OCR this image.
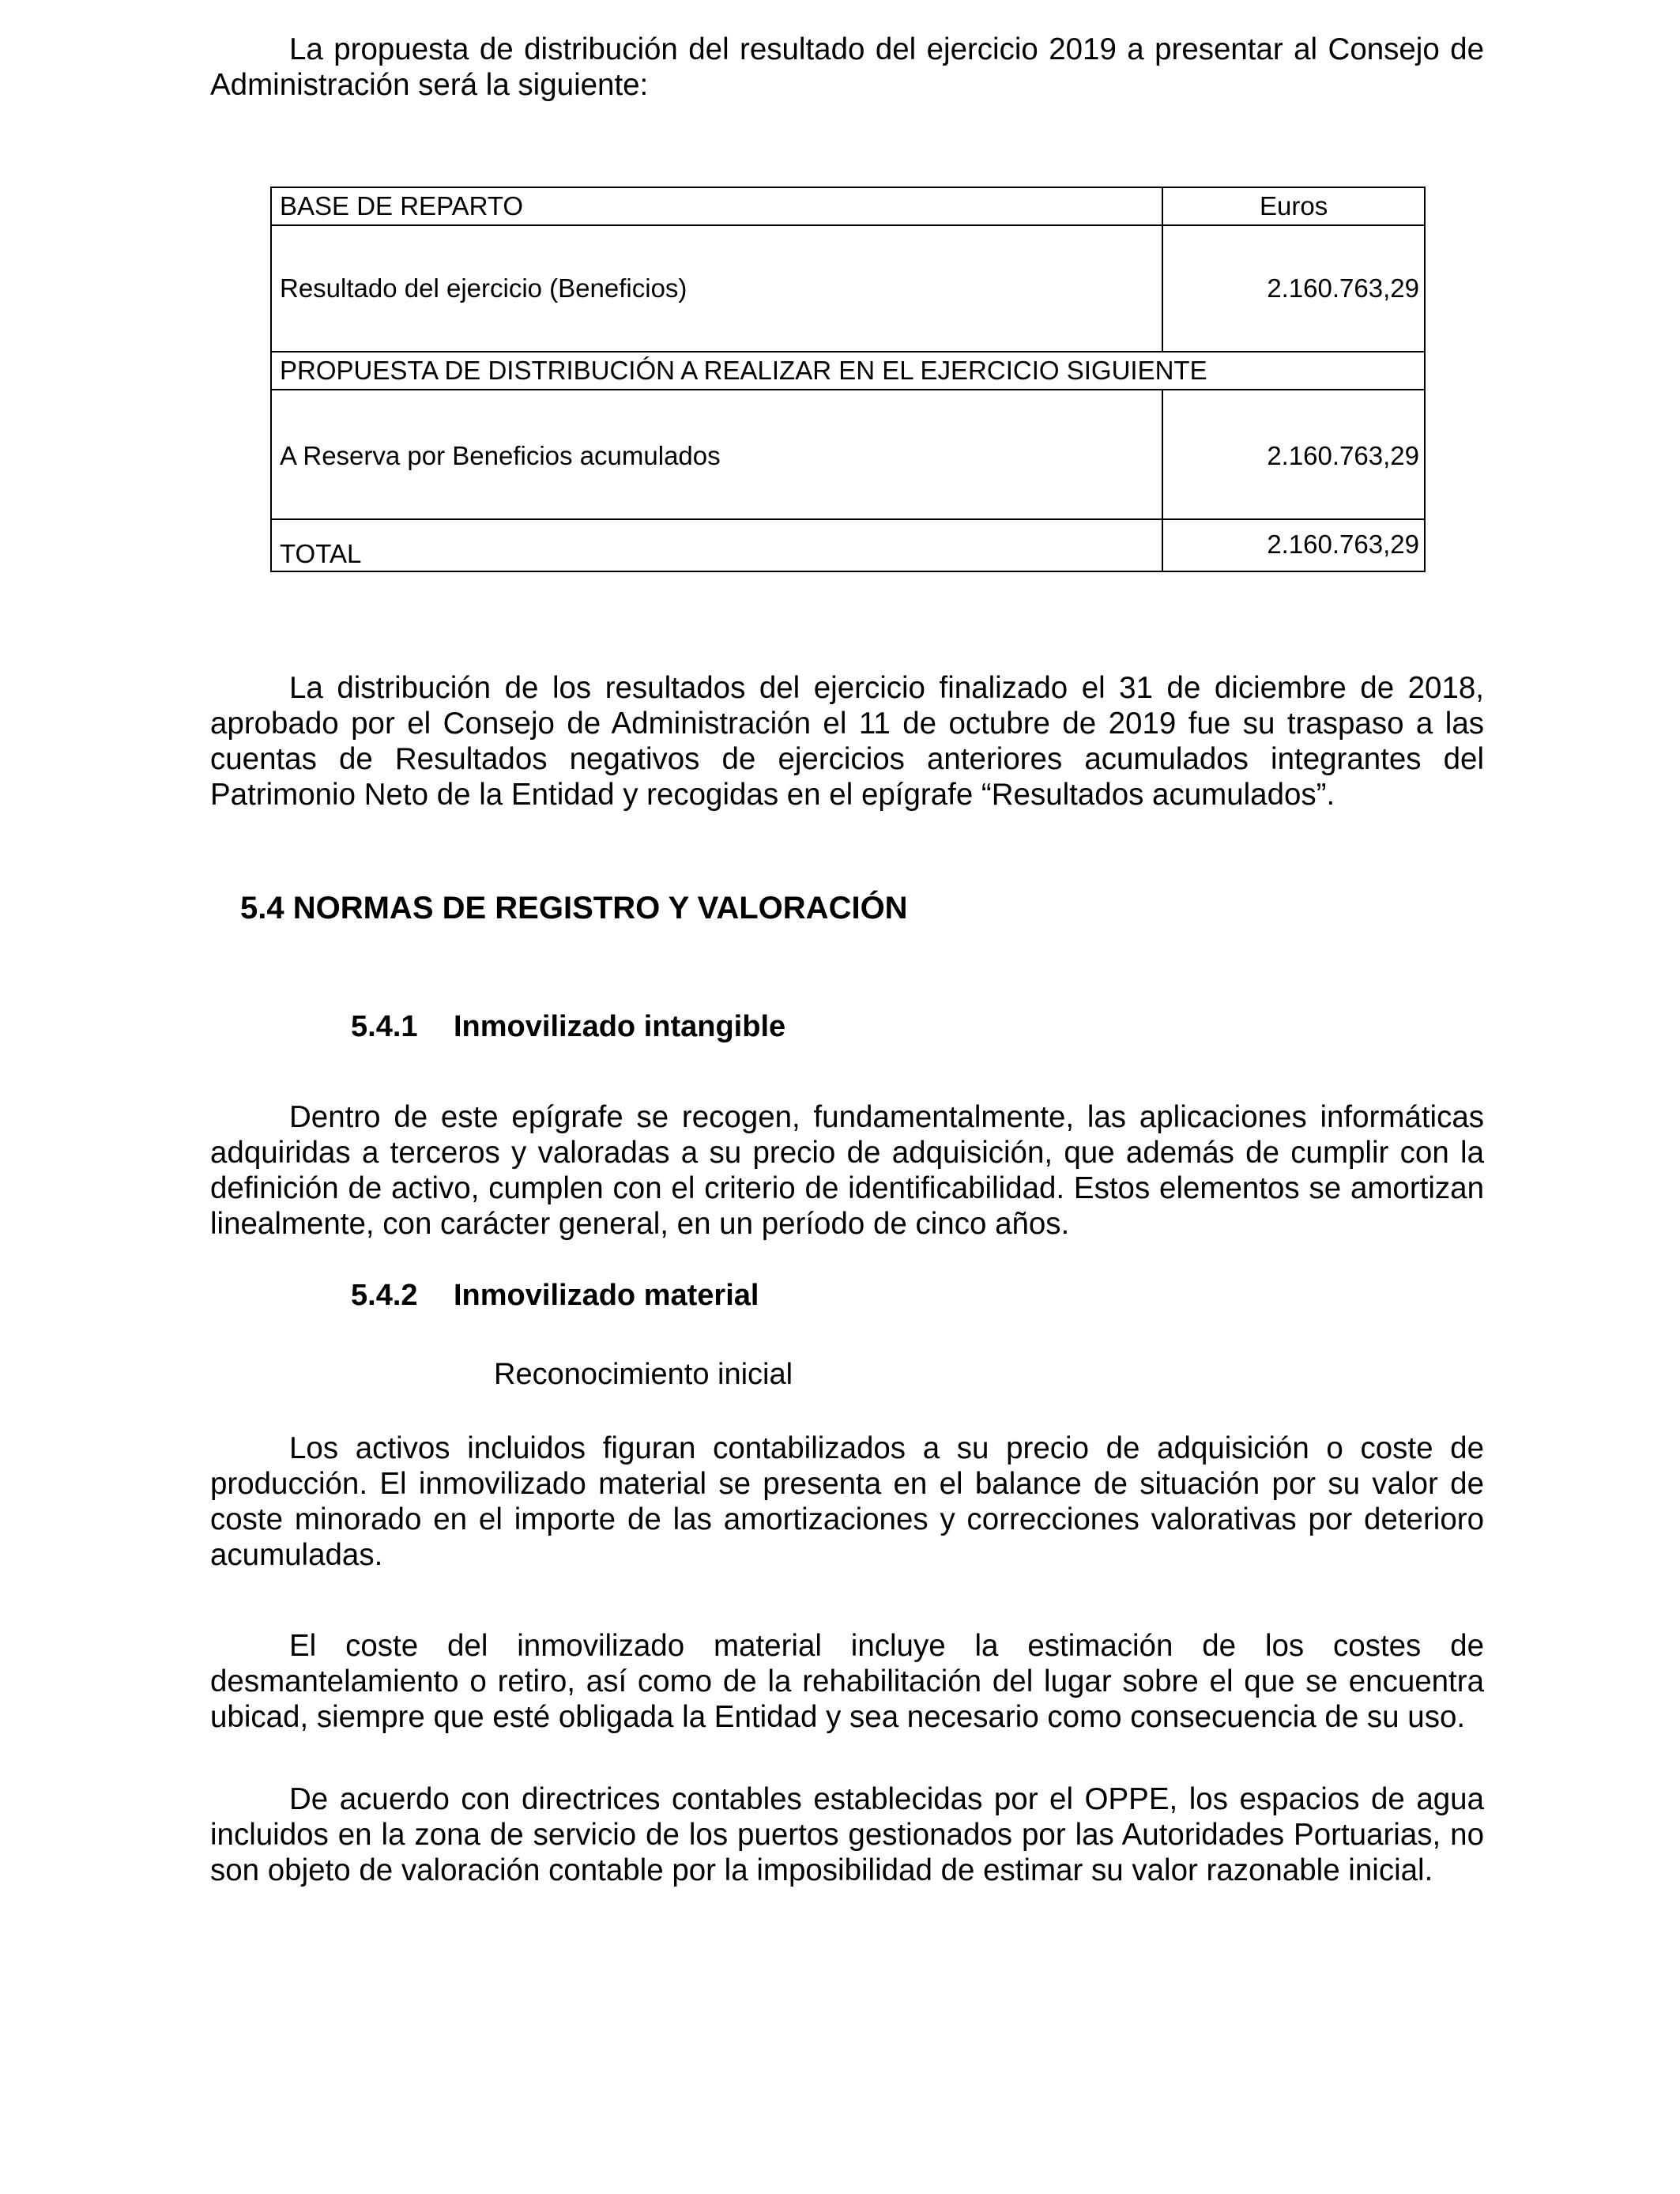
La propuesta de distribución del resultado del ejercicio 2019 a presentar al Consejo de Administración será la siguiente:

BASE DE REPARTO	Euros
Resultado del ejercicio (Beneficios)	2.160.763,29
PROPUESTA DE DISTRIBUCIÓN A REALIZAR EN EL EJERCICIO SIGUIENTE
A Reserva por Beneficios acumulados	2.160.763,29
TOTAL	2.160.763,29

La distribución de los resultados del ejercicio finalizado el 31 de diciembre de 2018, aprobado por el Consejo de Administración el 11 de octubre de 2019 fue su traspaso a las cuentas de Resultados negativos de ejercicios anteriores acumulados integrantes del Patrimonio Neto de la Entidad y recogidas en el epígrafe “Resultados acumulados”.

5.4 NORMAS DE REGISTRO Y VALORACIÓN
5.4.1 Inmovilizado intangible

Dentro de este epígrafe se recogen, fundamentalmente, las aplicaciones informáticas adquiridas a terceros y valoradas a su precio de adquisición, que además de cumplir con la definición de activo, cumplen con el criterio de identificabilidad. Estos elementos se amortizan linealmente, con carácter general, en un período de cinco años.

5.4.2 Inmovilizado material

Reconocimiento inicial

Los activos incluidos figuran contabilizados a su precio de adquisición o coste de producción. El inmovilizado material se presenta en el balance de situación por su valor de coste minorado en el importe de las amortizaciones y correcciones valorativas por deterioro acumuladas.

El coste del inmovilizado material incluye la estimación de los costes de desmantelamiento o retiro, así como de la rehabilitación del lugar sobre el que se encuentra ubicad, siempre que esté obligada la Entidad y sea necesario como consecuencia de su uso.

De acuerdo con directrices contables establecidas por el OPPE, los espacios de agua incluidos en la zona de servicio de los puertos gestionados por las Autoridades Portuarias, no son objeto de valoración contable por la imposibilidad de estimar su valor razonable inicial.
